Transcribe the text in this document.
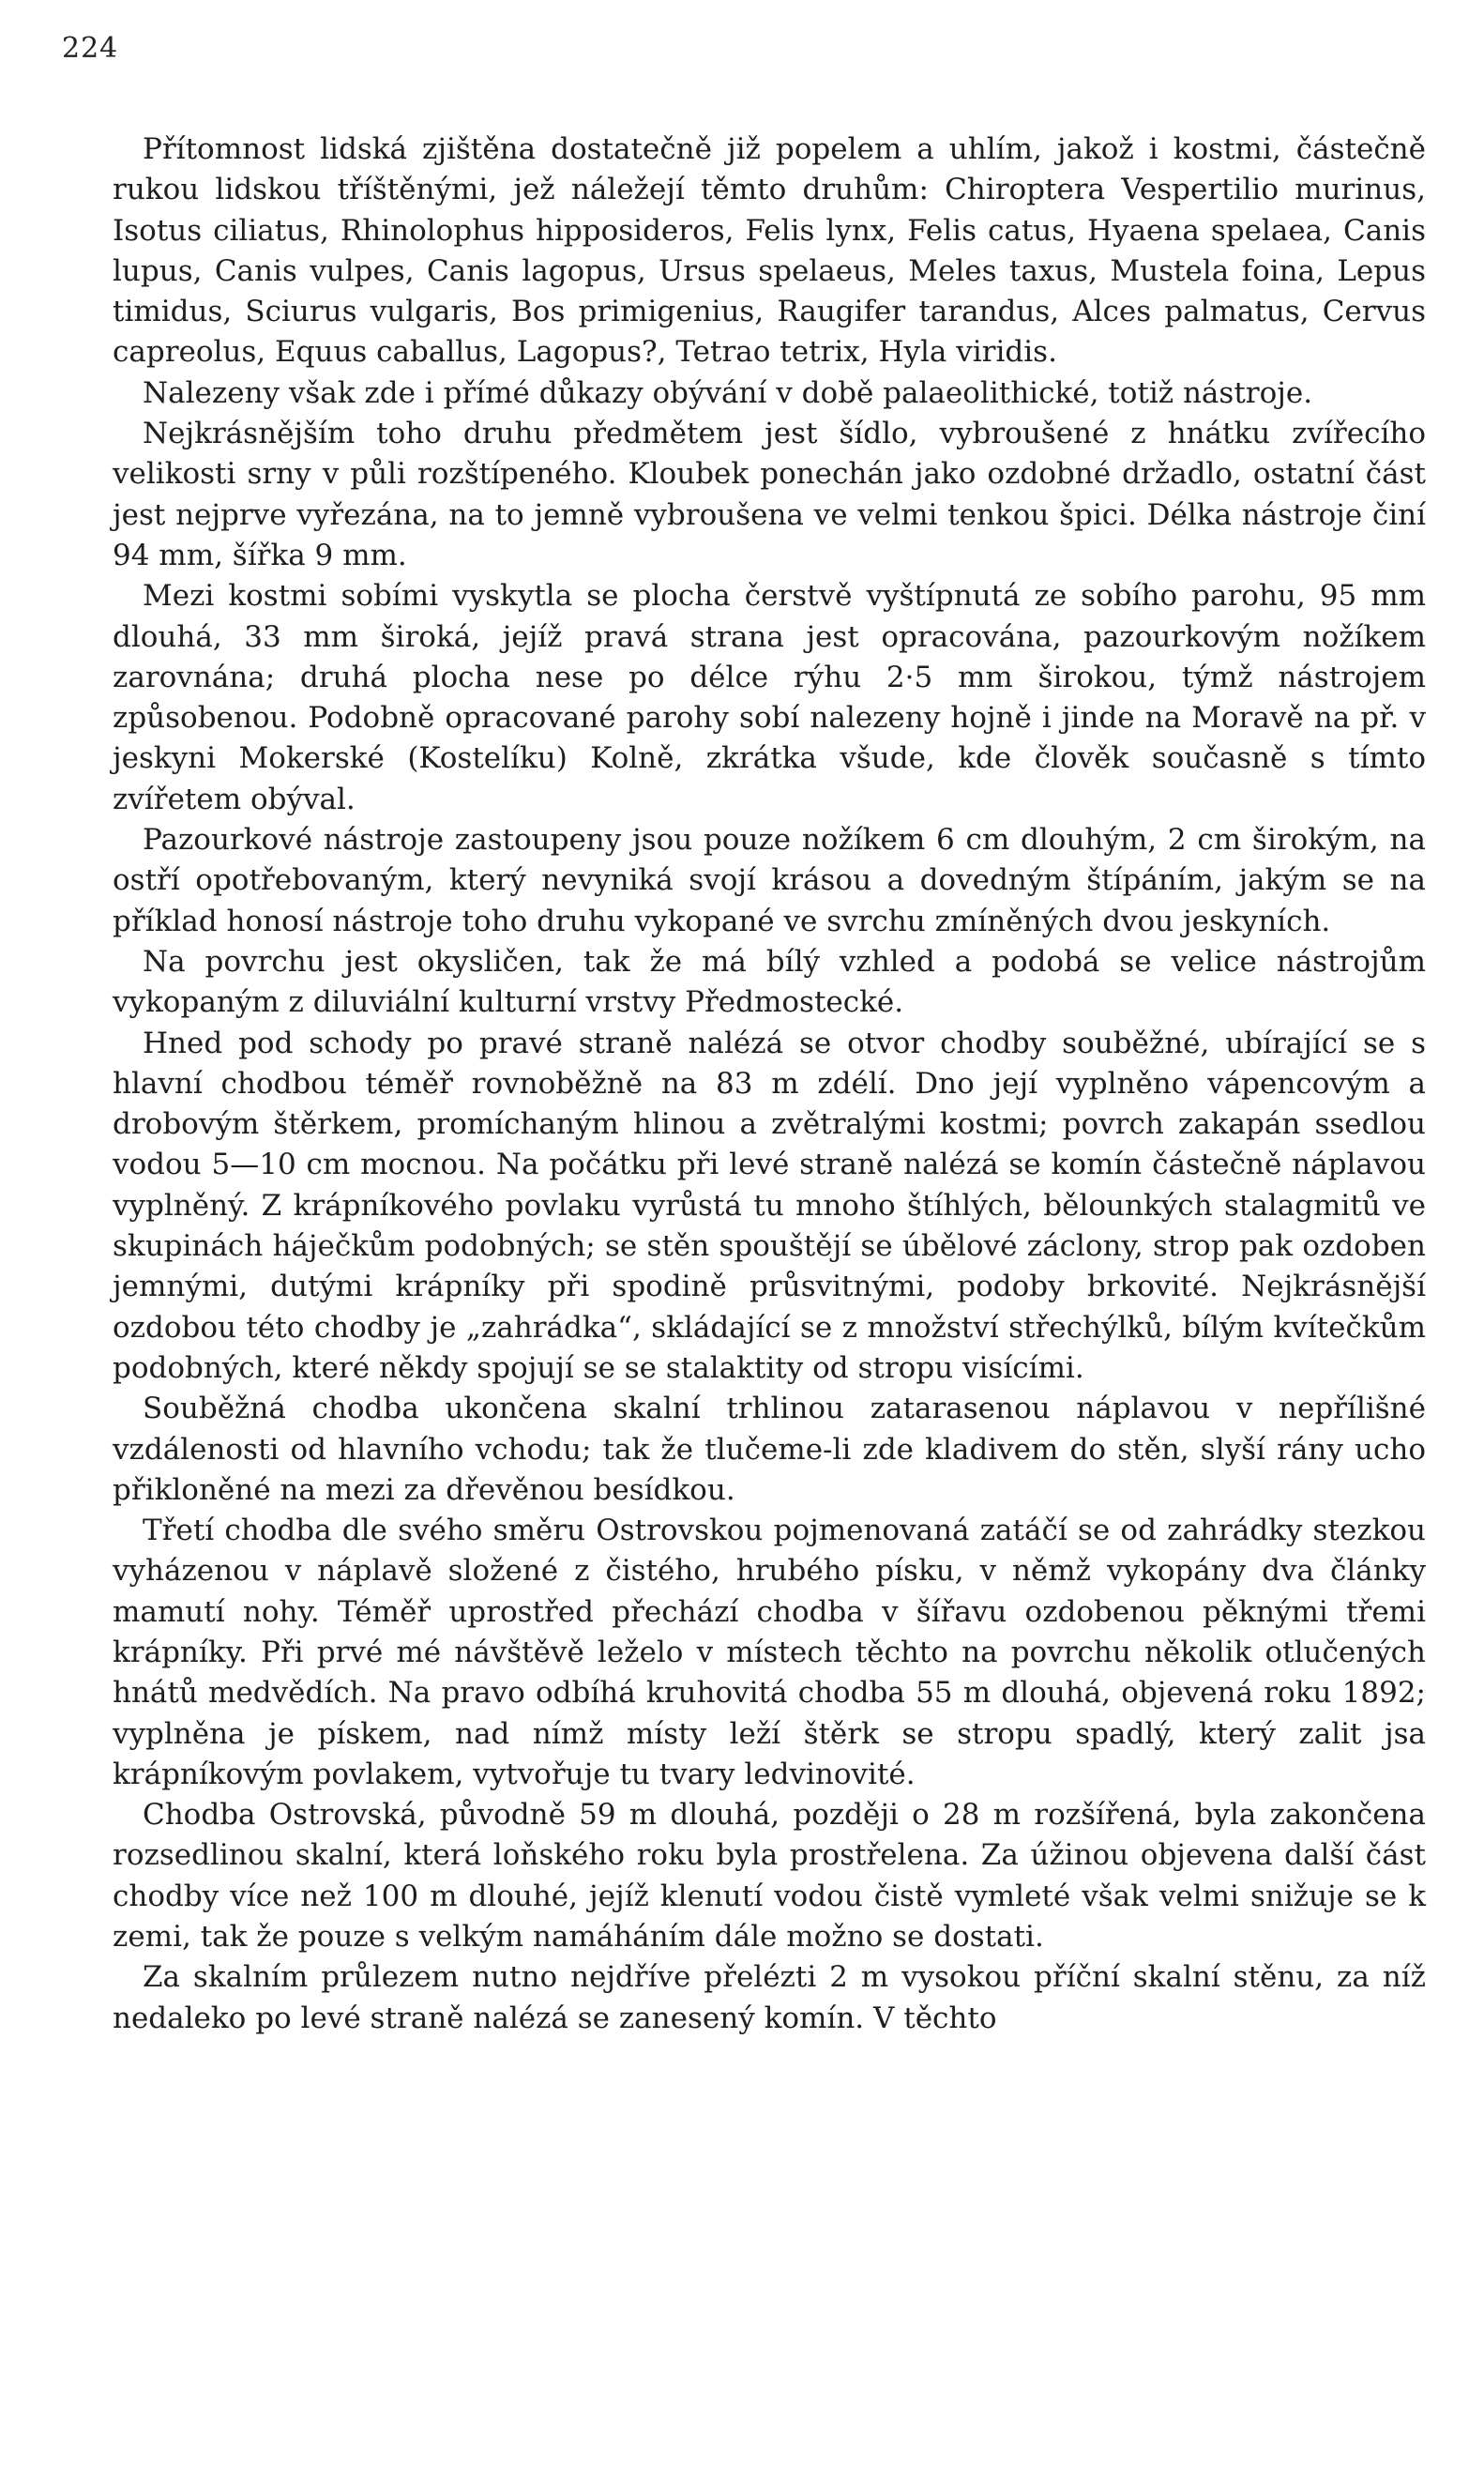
224

Přítomnost lidská zjištěna dostatečně již popelem a uhlím, jakož i kostmi, částečně rukou lidskou tříštěnými, jež náležejí těmto druhům: Chiroptera Vespertilio murinus, Isotus ciliatus, Rhinolophus hipposideros, Felis lynx, Felis catus, Hyaena spelaea, Canis lupus, Canis vulpes, Canis lagopus, Ursus spelaeus, Meles taxus, Mustela foina, Lepus timidus, Sciurus vulgaris, Bos primigenius, Raugifer tarandus, Alces palmatus, Cervus capreolus, Equus caballus, Lagopus?, Tetrao tetrix, Hyla viridis.

Nalezeny však zde i přímé důkazy obývání v době palaeolithické, totiž nástroje.

Nejkrásnějším toho druhu předmětem jest šídlo, vybroušené z hnátku zvířecího velikosti srny v půli rozštípeného. Kloubek ponechán jako ozdobné držadlo, ostatní část jest nejprve vyřezána, na to jemně vybroušena ve velmi tenkou špici. Délka nástroje činí 94 mm, šířka 9 mm.

Mezi kostmi sobími vyskytla se plocha čerstvě vyštípnutá ze sobího parohu, 95 mm dlouhá, 33 mm široká, jejíž pravá strana jest opracována, pazourkovým nožíkem zarovnána; druhá plocha nese po délce rýhu 2·5 mm širokou, týmž nástrojem způsobenou. Podobně opracované parohy sobí nalezeny hojně i jinde na Moravě na př. v jeskyni Mokerské (Kostelíku) Kolně, zkrátka všude, kde člověk současně s tímto zvířetem obýval.

Pazourkové nástroje zastoupeny jsou pouze nožíkem 6 cm dlouhým, 2 cm širokým, na ostří opotřebovaným, který nevyniká svojí krásou a dovedným štípáním, jakým se na příklad honosí nástroje toho druhu vykopané ve svrchu zmíněných dvou jeskyních.

Na povrchu jest okysličen, tak že má bílý vzhled a podobá se velice nástrojům vykopaným z diluviální kulturní vrstvy Předmostecké.

Hned pod schody po pravé straně nalézá se otvor chodby souběžné, ubírající se s hlavní chodbou téměř rovnoběžně na 83 m zdélí. Dno její vyplněno vápencovým a drobovým štěrkem, promíchaným hlinou a zvětralými kostmi; povrch zakapán ssedlou vodou 5—10 cm mocnou. Na počátku při levé straně nalézá se komín částečně náplavou vyplněný. Z krápníkového povlaku vyrůstá tu mnoho štíhlých, bělounkých stalagmitů ve skupinách háječkům podobných; se stěn spouštějí se úbělové záclony, strop pak ozdoben jemnými, dutými krápníky při spodině průsvitnými, podoby brkovité. Nejkrásnější ozdobou této chodby je „zahrádka“, skládající se z množství střechýlků, bílým kvítečkům podobných, které někdy spojují se se stalaktity od stropu visícími.

Souběžná chodba ukončena skalní trhlinou zatarasenou náplavou v nepřílišné vzdálenosti od hlavního vchodu; tak že tlučeme-li zde kladivem do stěn, slyší rány ucho přikloněné na mezi za dřevěnou besídkou.

Třetí chodba dle svého směru Ostrovskou pojmenovaná zatáčí se od zahrádky stezkou vyházenou v náplavě složené z čistého, hrubého písku, v němž vykopány dva články mamutí nohy. Téměř uprostřed přechází chodba v šířavu ozdobenou pěknými třemi krápníky. Při prvé mé návštěvě leželo v místech těchto na povrchu několik otlučených hnátů medvědích. Na pravo odbíhá kruhovitá chodba 55 m dlouhá, objevená roku 1892; vyplněna je pískem, nad nímž místy leží štěrk se stropu spadlý, který zalit jsa krápníkovým povlakem, vytvořuje tu tvary ledvinovité.

Chodba Ostrovská, původně 59 m dlouhá, později o 28 m rozšířená, byla zakončena rozsedlinou skalní, která loňského roku byla prostřelena. Za úžinou objevena další část chodby více než 100 m dlouhé, jejíž klenutí vodou čistě vymleté však velmi snižuje se k zemi, tak že pouze s velkým namáháním dále možno se dostati.

Za skalním průlezem nutno nejdříve přelézti 2 m vysokou příční skalní stěnu, za níž nedaleko po levé straně nalézá se zanesený komín. V těchto
